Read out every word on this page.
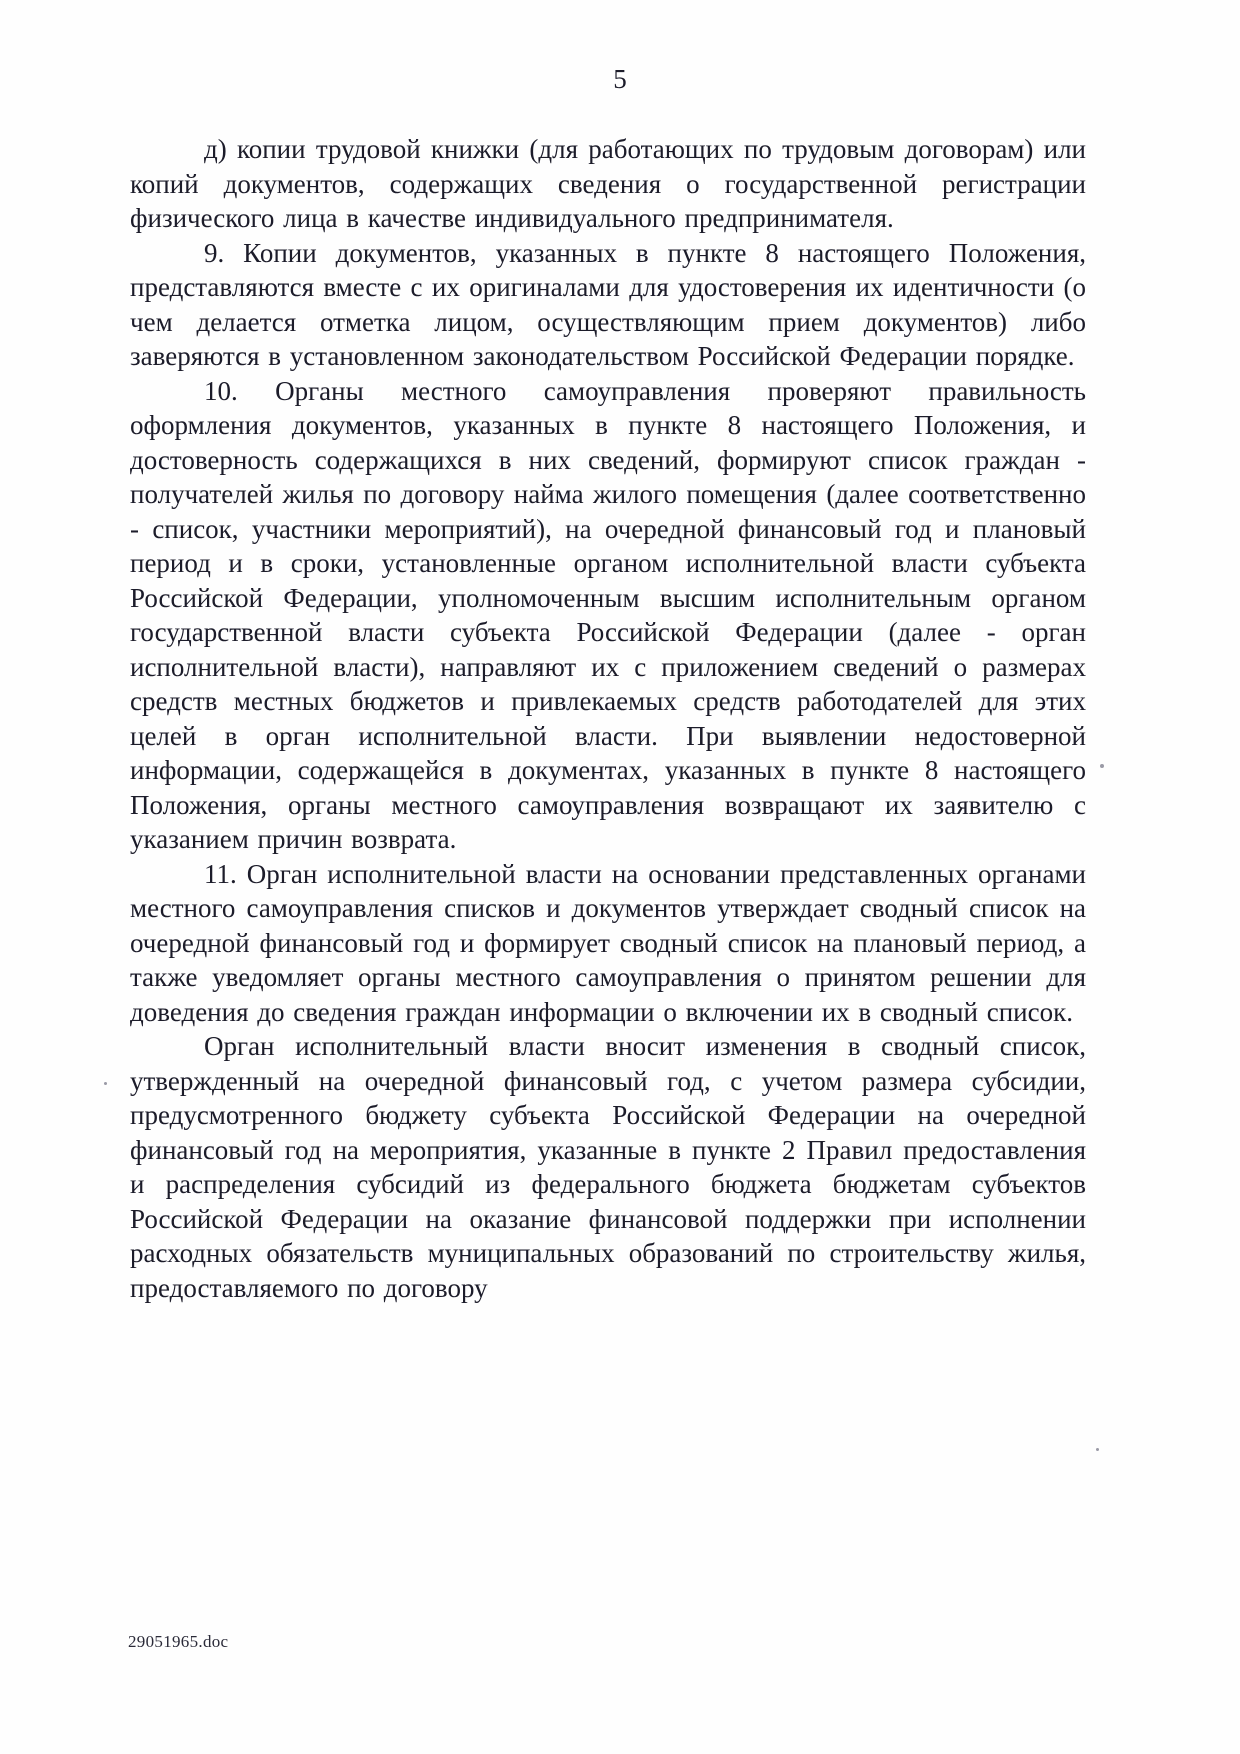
5

д) копии трудовой книжки (для работающих по трудовым договорам) или копий документов, содержащих сведения о государственной регистрации физического лица в качестве индивидуального предпринимателя.

9. Копии документов, указанных в пункте 8 настоящего Положения, представляются вместе с их оригиналами для удостоверения их идентичности (о чем делается отметка лицом, осуществляющим прием документов) либо заверяются в установленном законодательством Российской Федерации порядке.

10. Органы местного самоуправления проверяют правильность оформления документов, указанных в пункте 8 настоящего Положения, и достоверность содержащихся в них сведений, формируют список граждан - получателей жилья по договору найма жилого помещения (далее соответственно - список, участники мероприятий), на очередной финансовый год и плановый период и в сроки, установленные органом исполнительной власти субъекта Российской Федерации, уполномоченным высшим исполнительным органом государственной власти субъекта Российской Федерации (далее - орган исполнительной власти), направляют их с приложением сведений о размерах средств местных бюджетов и привлекаемых средств работодателей для этих целей в орган исполнительной власти. При выявлении недостоверной информации, содержащейся в документах, указанных в пункте 8 настоящего Положения, органы местного самоуправления возвращают их заявителю с указанием причин возврата.

11. Орган исполнительной власти на основании представленных органами местного самоуправления списков и документов утверждает сводный список на очередной финансовый год и формирует сводный список на плановый период, а также уведомляет органы местного самоуправления о принятом решении для доведения до сведения граждан информации о включении их в сводный список.

Орган исполнительный власти вносит изменения в сводный список, утвержденный на очередной финансовый год, с учетом размера субсидии, предусмотренного бюджету субъекта Российской Федерации на очередной финансовый год на мероприятия, указанные в пункте 2 Правил предоставления и распределения субсидий из федерального бюджета бюджетам субъектов Российской Федерации на оказание финансовой поддержки при исполнении расходных обязательств муниципальных образований по строительству жилья, предоставляемого по договору

29051965.doc
